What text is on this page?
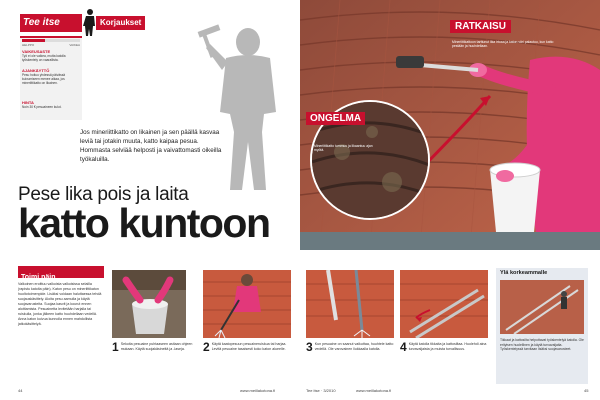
Tee itse	Korjaukset
HELPPO	VAIKEA
VAIKEUSASTE
Työ ei ole vaikea, mutta katolla työskentely on vaarallista.
AJANKÄYTTÖ
Pesu hoituu yhdessä päivässä kuivumiseen menee aikaa, jos mineriittikatto on likainen.
HINTA
Noin 30 € pesuaineen kulut.
Jos mineriittikatto on likainen ja sen päällä kasvaa leviä tai jotakin muuta, katto kaipaa pesua. Hommasta selviää helposti ja vaivattomasti oikeilla työkaluilla.
Pese lika pois ja laita
katto kuntoon
Toimi näin
Valkoinen eroittuu valkoista valkoisissa selailla (rapistu katolta päin). Katon pesu on mineriittikaton huoltotoimenpide. Lisäksi voidaan haluttaessa tehdä suojauskäsittely. Aloita pesu aamulla ja käytä suojavarusteita. Suojaa kasvit ja kourut ennen aloittamista. Pesuainetta levitetään harjalla tai ruiskulla, jonka jälkeen katto huuhdellaan vedellä. Anna katon kuivua kunnolla ennen mahdollista jatkokäsittelyä.
1 Sekoita pesuaine puhtaaseen astiaan ohjeen mukaan. Käytä suojakäsineitä ja -laseja.	2 Käytä kaatopesuun pesuaineruiskua tai harjaa. Levitä pesuaine tasaisesti koko katon alueelle.
44	www.meillakotona.fi
RATKAISU
Mineriittikattoon tarttunut lika irtoaa ja katon väri palautuu, kun katto pestään ja huuhdellaan.
ONGELMA
Mineriittikatto tummuu ja likaantuu ajan myötä.
3 Kun pesuaine on saanut vaikuttaa, huuhtele katto vedellä. Ole varovainen liukkaalla katolla.	4 Käytä katolla tikkaita ja kattosiltaa. Huolehdi aina turvavaljaista ja muista turvallisuus.
Ylä korkeammalle
Tikkaat ja kattosilta helpottavat työskentelyä katolla. Ole erityisen huolellinen ja käytä turvavaljaita. Työskentelyssä tarvitaan lisäksi suojavarusteet.
Tee itse · 3/2010	www.meillakotona.fi	45
